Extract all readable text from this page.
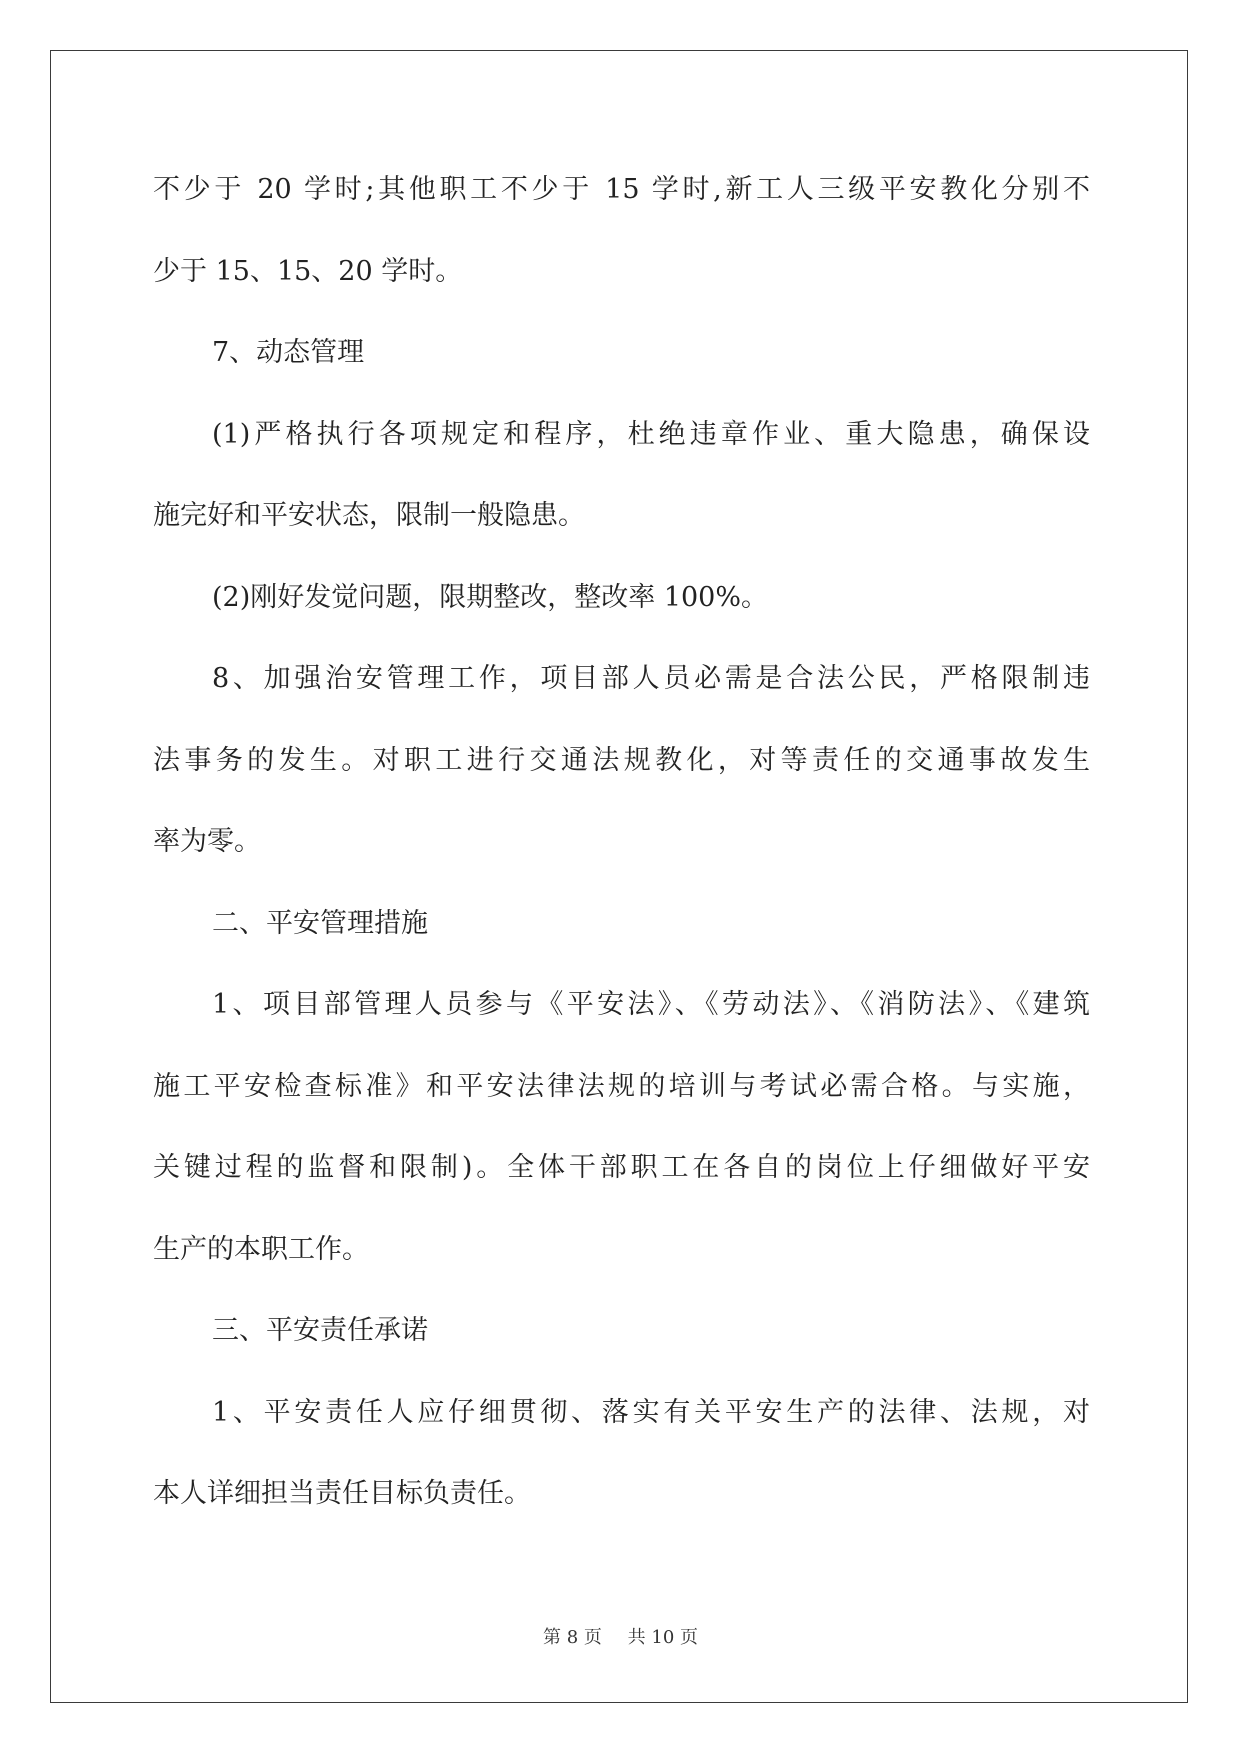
不少于 20 学时;其他职工不少于 15 学时,新工人三级平安教化分别不
少于 15、15、20 学时。
7、动态管理
(1)严格执行各项规定和程序，杜绝违章作业、重大隐患，确保设
施完好和平安状态，限制一般隐患。
(2)刚好发觉问题，限期整改，整改率 100%。
8、加强治安管理工作，项目部人员必需是合法公民，严格限制违
法事务的发生。对职工进行交通法规教化，对等责任的交通事故发生
率为零。
二、平安管理措施
1、项目部管理人员参与《平安法》、《劳动法》、《消防法》、《建筑
施工平安检查标准》和平安法律法规的培训与考试必需合格。与实施，
关键过程的监督和限制)。全体干部职工在各自的岗位上仔细做好平安
生产的本职工作。
三、平安责任承诺
1、平安责任人应仔细贯彻、落实有关平安生产的法律、法规，对
本人详细担当责任目标负责任。
第 8 页 共 10 页
